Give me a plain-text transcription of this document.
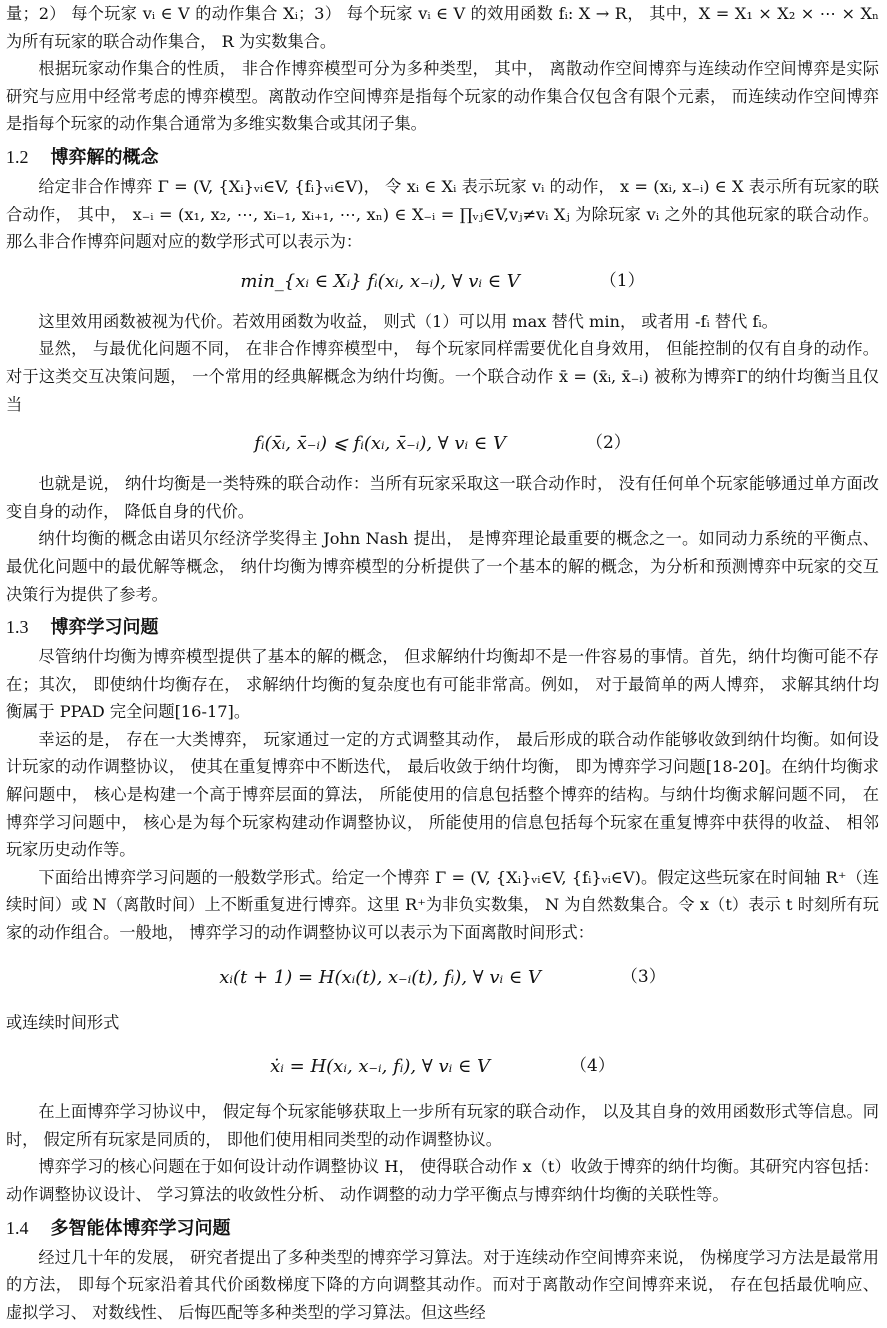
量；2） 每个玩家 vᵢ ∈ V 的动作集合 Xᵢ；3） 每个玩家 vᵢ ∈ V 的效用函数 fᵢ: X → R， 其中，X = X₁ × X₂ × ⋯ × Xₙ 为所有玩家的联合动作集合， R 为实数集合。

根据玩家动作集合的性质， 非合作博弈模型可分为多种类型， 其中， 离散动作空间博弈与连续动作空间博弈是实际研究与应用中经常考虑的博弈模型。离散动作空间博弈是指每个玩家的动作集合仅包含有限个元素， 而连续动作空间博弈是指每个玩家的动作集合通常为多维实数集合或其闭子集。

1.2 博弈解的概念

给定非合作博弈 Γ = (V, {Xᵢ}ᵥᵢ∈V, {fᵢ}ᵥᵢ∈V)， 令 xᵢ ∈ Xᵢ 表示玩家 vᵢ 的动作， x = (xᵢ, x₋ᵢ) ∈ X 表示所有玩家的联合动作， 其中， x₋ᵢ = (x₁, x₂, ⋯, xᵢ₋₁, xᵢ₊₁, ⋯, xₙ) ∈ X₋ᵢ = ∏ᵥⱼ∈V,vⱼ≠vᵢ Xⱼ 为除玩家 vᵢ 之外的其他玩家的联合动作。那么非合作博弈问题对应的数学形式可以表示为：

min_{xᵢ ∈ Xᵢ} fᵢ(xᵢ, x₋ᵢ), ∀ vᵢ ∈ V	（1）

这里效用函数被视为代价。若效用函数为收益， 则式（1）可以用 max 替代 min， 或者用 -fᵢ 替代 fᵢ。

显然， 与最优化问题不同， 在非合作博弈模型中， 每个玩家同样需要优化自身效用， 但能控制的仅有自身的动作。对于这类交互决策问题， 一个常用的经典解概念为纳什均衡。一个联合动作 x̄ = (x̄ᵢ, x̄₋ᵢ) 被称为博弈Γ的纳什均衡当且仅当

fᵢ(x̄ᵢ, x̄₋ᵢ) ⩽ fᵢ(xᵢ, x̄₋ᵢ), ∀ vᵢ ∈ V	（2）

也就是说， 纳什均衡是一类特殊的联合动作：当所有玩家采取这一联合动作时， 没有任何单个玩家能够通过单方面改变自身的动作， 降低自身的代价。

纳什均衡的概念由诺贝尔经济学奖得主 John Nash 提出， 是博弈理论最重要的概念之一。如同动力系统的平衡点、 最优化问题中的最优解等概念， 纳什均衡为博弈模型的分析提供了一个基本的解的概念，为分析和预测博弈中玩家的交互决策行为提供了参考。

1.3 博弈学习问题

尽管纳什均衡为博弈模型提供了基本的解的概念， 但求解纳什均衡却不是一件容易的事情。首先，纳什均衡可能不存在；其次， 即使纳什均衡存在， 求解纳什均衡的复杂度也有可能非常高。例如， 对于最简单的两人博弈， 求解其纳什均衡属于 PPAD 完全问题[16-17]。

幸运的是， 存在一大类博弈， 玩家通过一定的方式调整其动作， 最后形成的联合动作能够收敛到纳什均衡。如何设计玩家的动作调整协议， 使其在重复博弈中不断迭代， 最后收敛于纳什均衡， 即为博弈学习问题[18-20]。在纳什均衡求解问题中， 核心是构建一个高于博弈层面的算法， 所能使用的信息包括整个博弈的结构。与纳什均衡求解问题不同， 在博弈学习问题中， 核心是为每个玩家构建动作调整协议， 所能使用的信息包括每个玩家在重复博弈中获得的收益、 相邻玩家历史动作等。

下面给出博弈学习问题的一般数学形式。给定一个博弈 Γ = (V, {Xᵢ}ᵥᵢ∈V, {fᵢ}ᵥᵢ∈V)。假定这些玩家在时间轴 R⁺（连续时间）或 N（离散时间）上不断重复进行博弈。这里 R⁺为非负实数集， N 为自然数集合。令 x（t）表示 t 时刻所有玩家的动作组合。一般地， 博弈学习的动作调整协议可以表示为下面离散时间形式：

xᵢ(t + 1) = H(xᵢ(t), x₋ᵢ(t), fᵢ), ∀ vᵢ ∈ V	（3）

或连续时间形式

ẋᵢ = H(xᵢ, x₋ᵢ, fᵢ), ∀ vᵢ ∈ V	（4）

在上面博弈学习协议中， 假定每个玩家能够获取上一步所有玩家的联合动作， 以及其自身的效用函数形式等信息。同时， 假定所有玩家是同质的， 即他们使用相同类型的动作调整协议。

博弈学习的核心问题在于如何设计动作调整协议 H， 使得联合动作 x（t）收敛于博弈的纳什均衡。其研究内容包括：动作调整协议设计、 学习算法的收敛性分析、 动作调整的动力学平衡点与博弈纳什均衡的关联性等。

1.4 多智能体博弈学习问题

经过几十年的发展， 研究者提出了多种类型的博弈学习算法。对于连续动作空间博弈来说， 伪梯度学习方法是最常用的方法， 即每个玩家沿着其代价函数梯度下降的方向调整其动作。而对于离散动作空间博弈来说， 存在包括最优响应、 虚拟学习、 对数线性、 后悔匹配等多种类型的学习算法。但这些经
